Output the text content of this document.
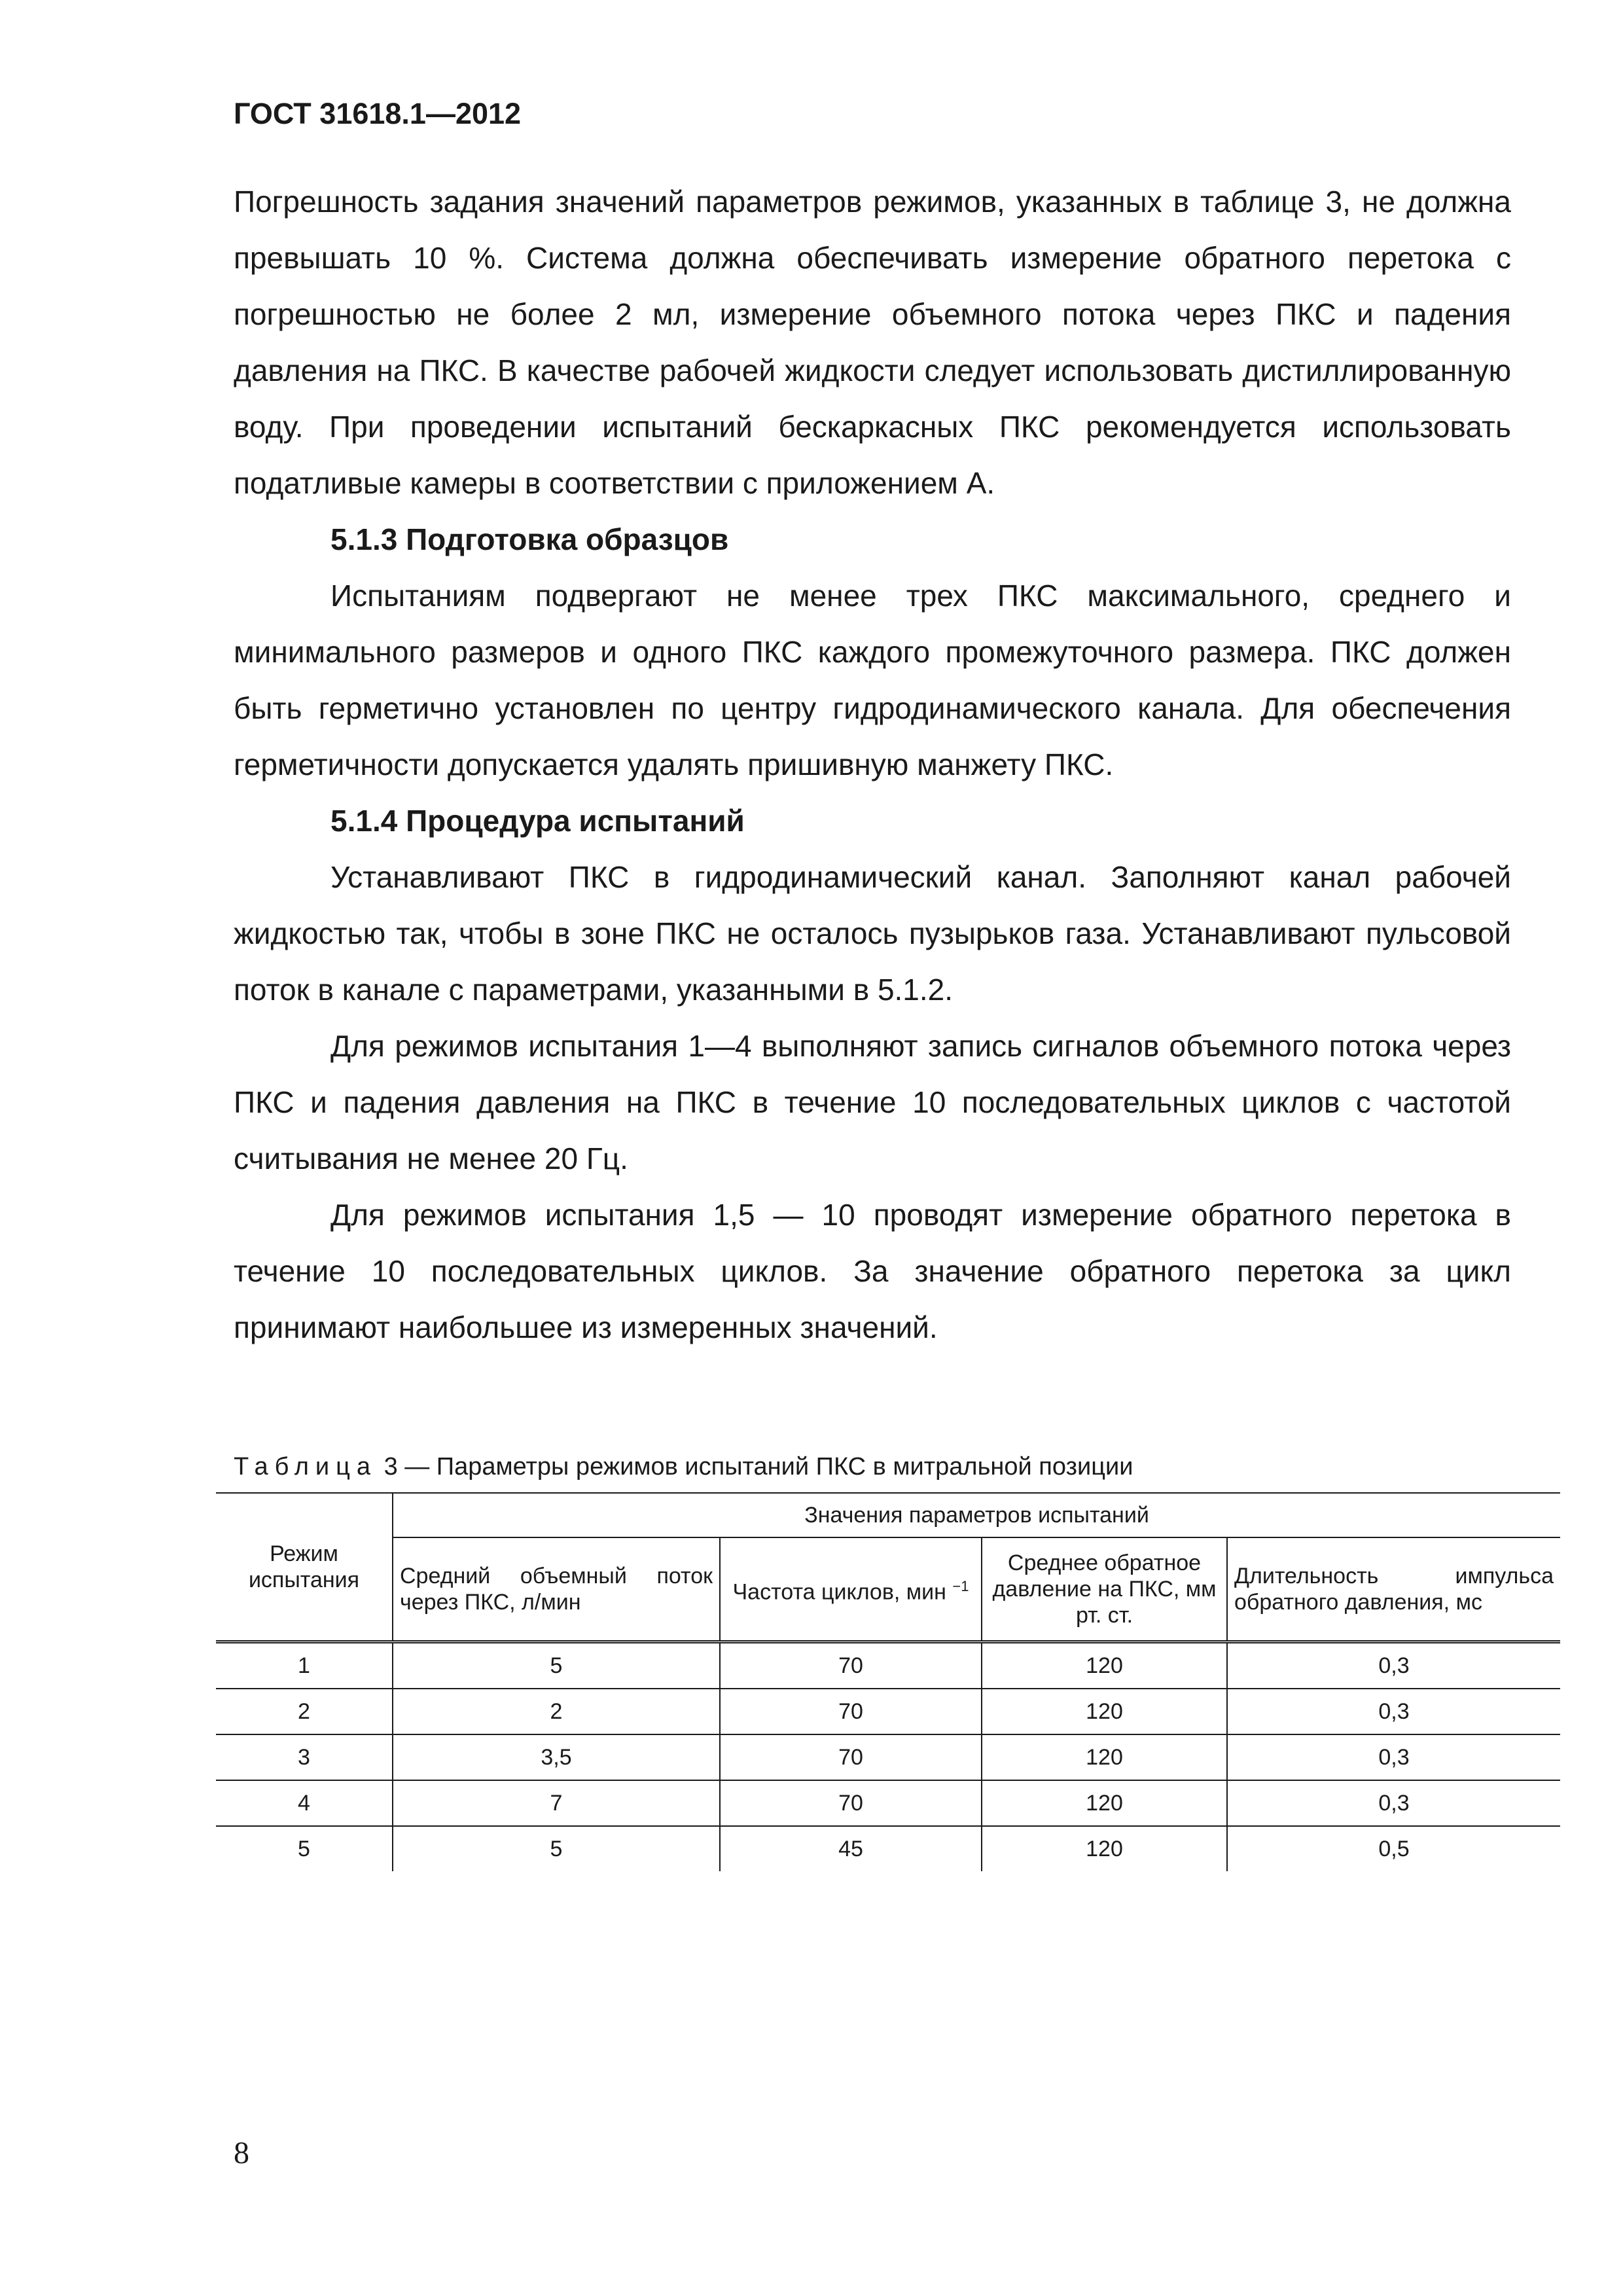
ГОСТ 31618.1—2012

Погрешность задания значений параметров режимов, указанных в таблице 3, не должна превышать 10 %. Система должна обеспечивать измерение обратного перетока с погрешностью не более 2 мл, измерение объемного потока через ПКС и падения давления на ПКС. В качестве рабочей жидкости следует использовать дистиллированную воду. При проведении испытаний бескаркасных ПКС рекомендуется использовать податливые камеры в соответствии с приложением А.

5.1.3 Подготовка образцов

Испытаниям подвергают не менее трех ПКС максимального, среднего и минимального размеров и одного ПКС каждого промежуточного размера. ПКС должен быть герметично установлен по центру гидродинамического канала. Для обеспечения герметичности допускается удалять пришивную манжету ПКС.

5.1.4 Процедура испытаний

Устанавливают ПКС в гидродинамический канал. Заполняют канал рабочей жидкостью так, чтобы в зоне ПКС не осталось пузырьков газа. Устанавливают пульсовой поток в канале с параметрами, указанными в 5.1.2.

Для режимов испытания 1—4 выполняют запись сигналов объемного потока через ПКС и падения давления на ПКС в течение 10 последовательных циклов с частотой считывания не менее 20 Гц.

Для режимов испытания 1,5 — 10 проводят измерение обратного перетока в течение 10 последовательных циклов. За значение обратного перетока за цикл принимают наибольшее из измеренных значений.

Таблица 3 — Параметры режимов испытаний ПКС в митральной позиции
Режим испытания	Значения параметров испытаний			
	Средний объемный поток через ПКС, л/мин	Частота циклов, мин $^{-1}$	Среднее обратное давление на ПКС, мм рт. ст.	Длительность импульса обратного давления, мс
1	5	70	120	0,3
2	2	70	120	0,3
3	3,5	70	120	0,3
4	7	70	120	0,3
5	5	45	120	0,5
8
